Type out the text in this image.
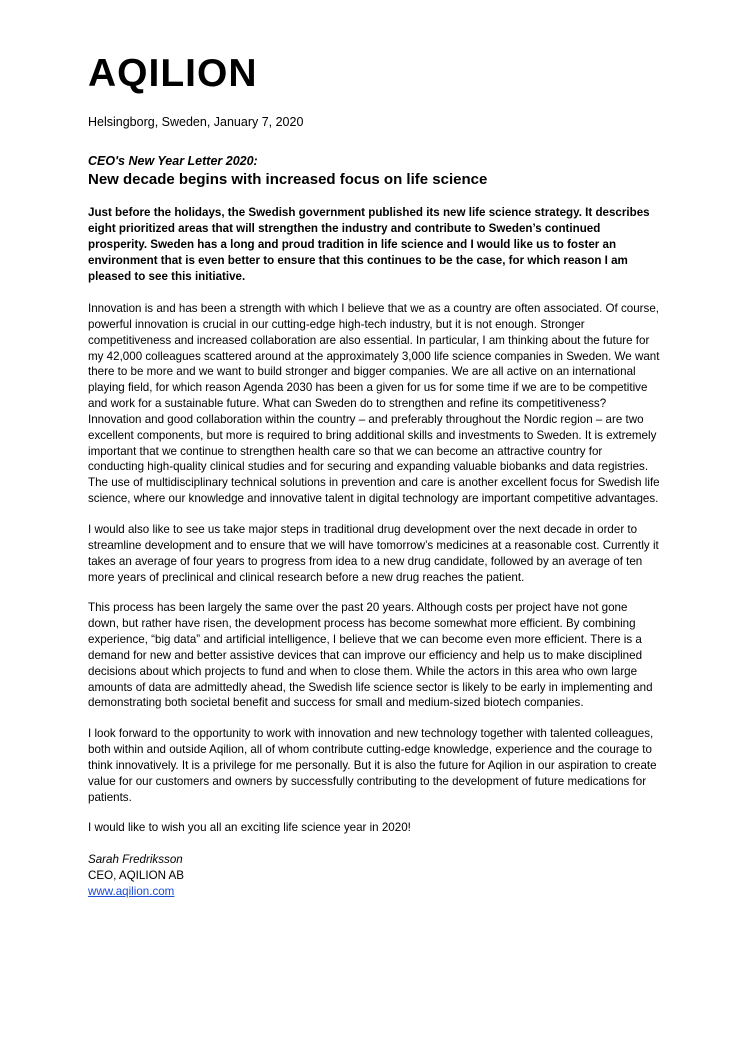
AQILION
Helsingborg, Sweden, January 7, 2020
CEO's New Year Letter 2020:
New decade begins with increased focus on life science
Just before the holidays, the Swedish government published its new life science strategy. It describes eight prioritized areas that will strengthen the industry and contribute to Sweden’s continued prosperity. Sweden has a long and proud tradition in life science and I would like us to foster an environment that is even better to ensure that this continues to be the case, for which reason I am pleased to see this initiative.
Innovation is and has been a strength with which I believe that we as a country are often associated. Of course, powerful innovation is crucial in our cutting-edge high-tech industry, but it is not enough. Stronger competitiveness and increased collaboration are also essential. In particular, I am thinking about the future for my 42,000 colleagues scattered around at the approximately 3,000 life science companies in Sweden. We want there to be more and we want to build stronger and bigger companies. We are all active on an international playing field, for which reason Agenda 2030 has been a given for us for some time if we are to be competitive and work for a sustainable future. What can Sweden do to strengthen and refine its competitiveness? Innovation and good collaboration within the country – and preferably throughout the Nordic region – are two excellent components, but more is required to bring additional skills and investments to Sweden. It is extremely important that we continue to strengthen health care so that we can become an attractive country for conducting high-quality clinical studies and for securing and expanding valuable biobanks and data registries. The use of multidisciplinary technical solutions in prevention and care is another excellent focus for Swedish life science, where our knowledge and innovative talent in digital technology are important competitive advantages.
I would also like to see us take major steps in traditional drug development over the next decade in order to streamline development and to ensure that we will have tomorrow’s medicines at a reasonable cost. Currently it takes an average of four years to progress from idea to a new drug candidate, followed by an average of ten more years of preclinical and clinical research before a new drug reaches the patient.
This process has been largely the same over the past 20 years. Although costs per project have not gone down, but rather have risen, the development process has become somewhat more efficient. By combining experience, “big data” and artificial intelligence, I believe that we can become even more efficient. There is a demand for new and better assistive devices that can improve our efficiency and help us to make disciplined decisions about which projects to fund and when to close them. While the actors in this area who own large amounts of data are admittedly ahead, the Swedish life science sector is likely to be early in implementing and demonstrating both societal benefit and success for small and medium-sized biotech companies.
I look forward to the opportunity to work with innovation and new technology together with talented colleagues, both within and outside Aqilion, all of whom contribute cutting-edge knowledge, experience and the courage to think innovatively. It is a privilege for me personally. But it is also the future for Aqilion in our aspiration to create value for our customers and owners by successfully contributing to the development of future medications for patients.
I would like to wish you all an exciting life science year in 2020!
Sarah Fredriksson
CEO, AQILION AB
www.aqilion.com
